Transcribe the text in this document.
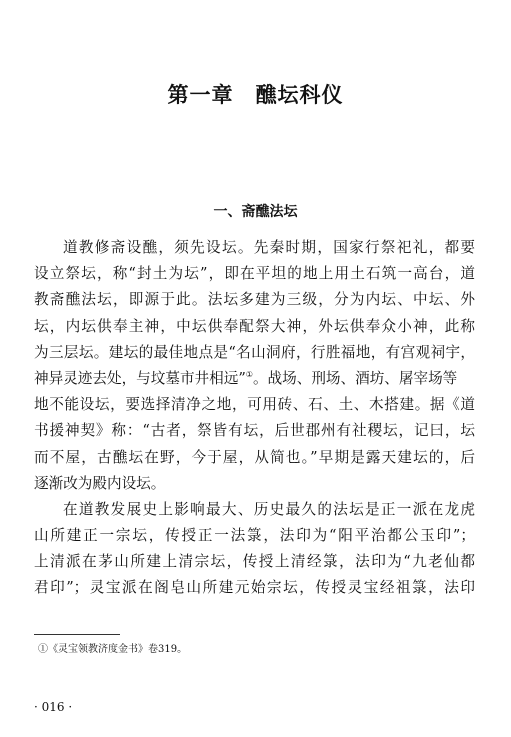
第一章　醮坛科仪
一、斋醮法坛
道教修斋设醮，须先设坛。先秦时期，国家行祭祀礼，都要
设立祭坛，称“封土为坛”，即在平坦的地上用土石筑一高台，道
教斋醮法坛，即源于此。法坛多建为三级，分为内坛、中坛、外
坛，内坛供奉主神，中坛供奉配祭大神，外坛供奉众小神，此称
为三层坛。建坛的最佳地点是“名山洞府，行胜福地，有宫观祠宇，
神异灵迹去处，与坟墓市井相远”①。战场、刑场、酒坊、屠宰场等
地不能设坛，要选择清净之地，可用砖、石、土、木搭建。据《道
书援神契》称：“古者，祭皆有坛，后世郡州有社稷坛，记曰，坛
而不屋，古醮坛在野，今于屋，从简也。”早期是露天建坛的，后
逐渐改为殿内设坛。
在道教发展史上影响最大、历史最久的法坛是正一派在龙虎
山所建正一宗坛，传授正一法箓，法印为“阳平治都公玉印”；
上清派在茅山所建上清宗坛，传授上清经箓，法印为“九老仙都
君印”；灵宝派在阁皂山所建元始宗坛，传授灵宝经祖箓，法印
①《灵宝领教济度金书》卷319。
· 016 ·
